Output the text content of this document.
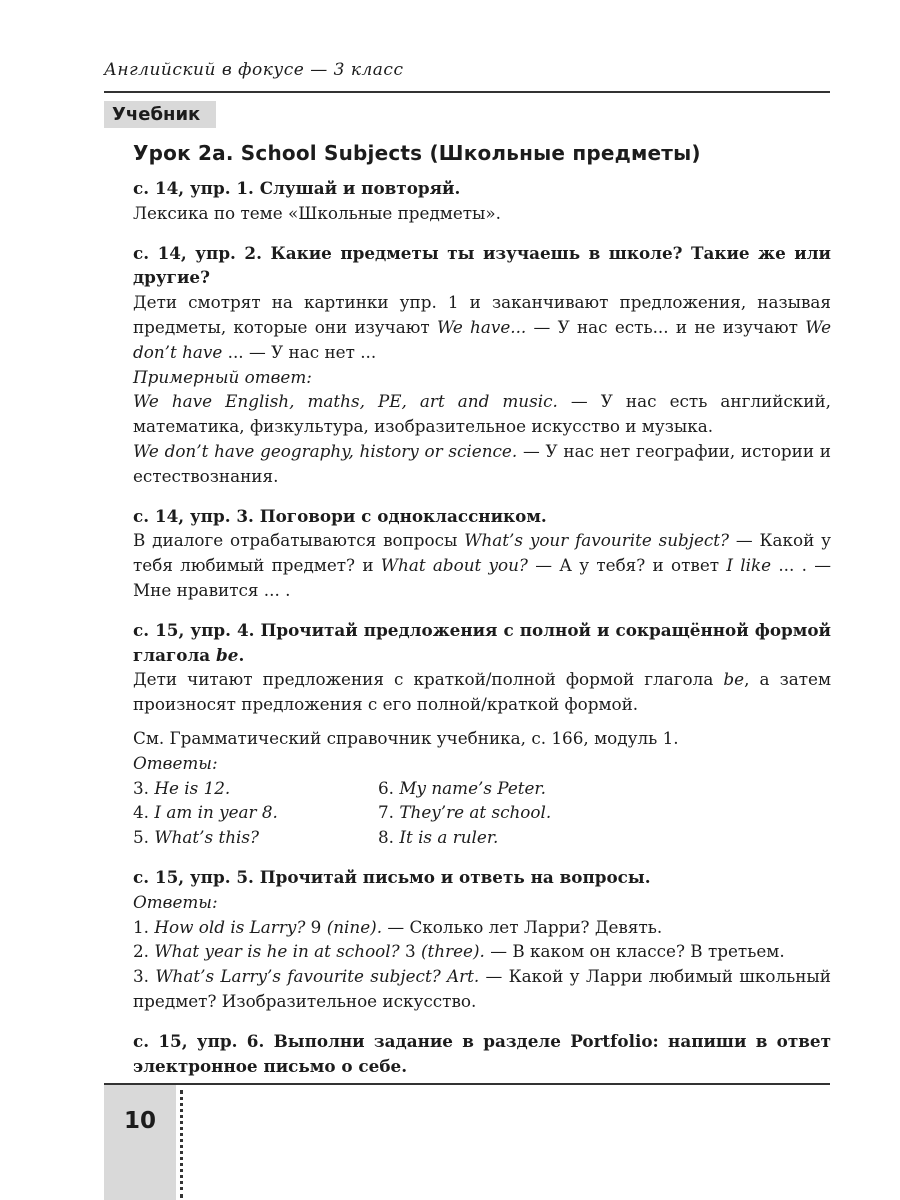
Английский в фокусе — 3 класс
Учебник
Урок 2a. School Subjects (Школьные предметы)

с. 14, упр. 1. Слушай и повторяй.

Лексика по теме «Школьные предметы».

с. 14, упр. 2. Какие предметы ты изучаешь в школе? Такие же или другие?

Дети смотрят на картинки упр. 1 и заканчивают предложения, называя предметы, которые они изучают We have... — У нас есть... и не изучают We don’t have ... — У нас нет ...

Примерный ответ:

We have English, maths, PE, art and music. — У нас есть английский, математика, физкультура, изобразительное искусство и музыка.

We don’t have geography, history or science. — У нас нет географии, истории и естествознания.

с. 14, упр. 3. Поговори с одноклассником.

В диалоге отрабатываются вопросы What’s your favourite subject? — Какой у тебя любимый предмет? и What about you? — А у тебя? и ответ I like ... . — Мне нравится ... .

с. 15, упр. 4. Прочитай предложения с полной и сокращённой формой глагола be.

Дети читают предложения с краткой/полной формой глагола be, а затем произносят предложения с его полной/краткой формой.

См. Грамматический справочник учебника, с. 166, модуль 1.

Ответы:

3. He is 12.	6. My name’s Peter.
4. I am in year 8.	7. They’re at school.
5. What’s this?	8. It is a ruler.

с. 15, упр. 5. Прочитай письмо и ответь на вопросы.

Ответы:

1. How old is Larry? 9 (nine). — Сколько лет Ларри? Девять.

2. What year is he in at school? 3 (three). — В каком он классе? В третьем.

3. What’s Larry’s favourite subject? Art. — Какой у Ларри любимый школьный предмет? Изобразительное искусство.

с. 15, упр. 6. Выполни задание в разделе Portfolio: напиши в ответ электронное письмо о себе.

10
